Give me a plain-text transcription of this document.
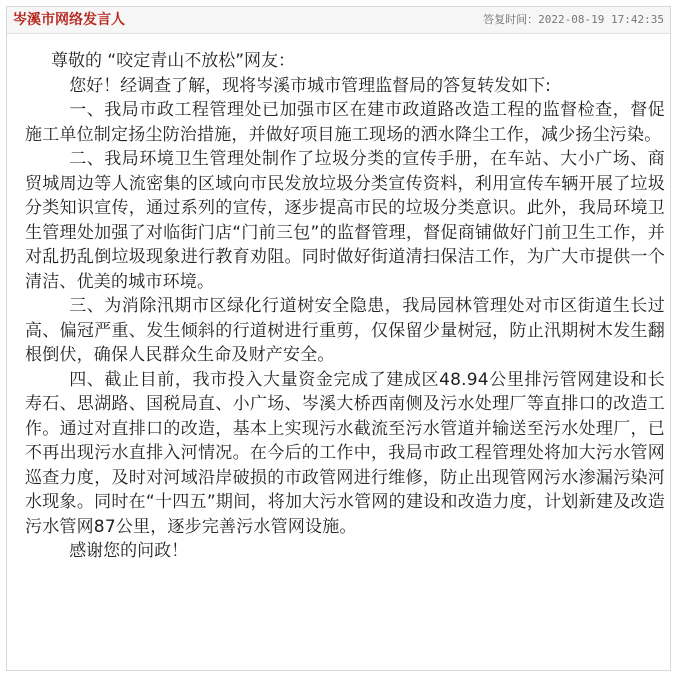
岑溪市网络发言人	答复时间：2022-08-19 17:42:35

尊敬的 “咬定青山不放松”网友：

您好！经调查了解，现将岑溪市城市管理监督局的答复转发如下:

一、我局市政工程管理处已加强市区在建市政道路改造工程的监督检查，督促施工单位制定扬尘防治措施，并做好项目施工现场的洒水降尘工作，减少扬尘污染。

二、我局环境卫生管理处制作了垃圾分类的宣传手册，在车站、大小广场、商贸城周边等人流密集的区域向市民发放垃圾分类宣传资料，利用宣传车辆开展了垃圾分类知识宣传，通过系列的宣传，逐步提高市民的垃圾分类意识。此外，我局环境卫生管理处加强了对临街门店“门前三包”的监督管理，督促商铺做好门前卫生工作，并对乱扔乱倒垃圾现象进行教育劝阻。同时做好街道清扫保洁工作，为广大市提供一个清洁、优美的城市环境。

三、为消除汛期市区绿化行道树安全隐患，我局园林管理处对市区街道生长过高、偏冠严重、发生倾斜的行道树进行重剪，仅保留少量树冠，防止汛期树木发生翻根倒伏，确保人民群众生命及财产安全。

四、截止目前，我市投入大量资金完成了建成区48.94公里排污管网建设和长寿石、思湖路、国税局直、小广场、岑溪大桥西南侧及污水处理厂等直排口的改造工作。通过对直排口的改造，基本上实现污水截流至污水管道并输送至污水处理厂，已不再出现污水直排入河情况。在今后的工作中，我局市政工程管理处将加大污水管网巡查力度，及时对河域沿岸破损的市政管网进行维修，防止出现管网污水渗漏污染河水现象。同时在“十四五”期间，将加大污水管网的建设和改造力度，计划新建及改造污水管网87公里，逐步完善污水管网设施。

感谢您的问政！
